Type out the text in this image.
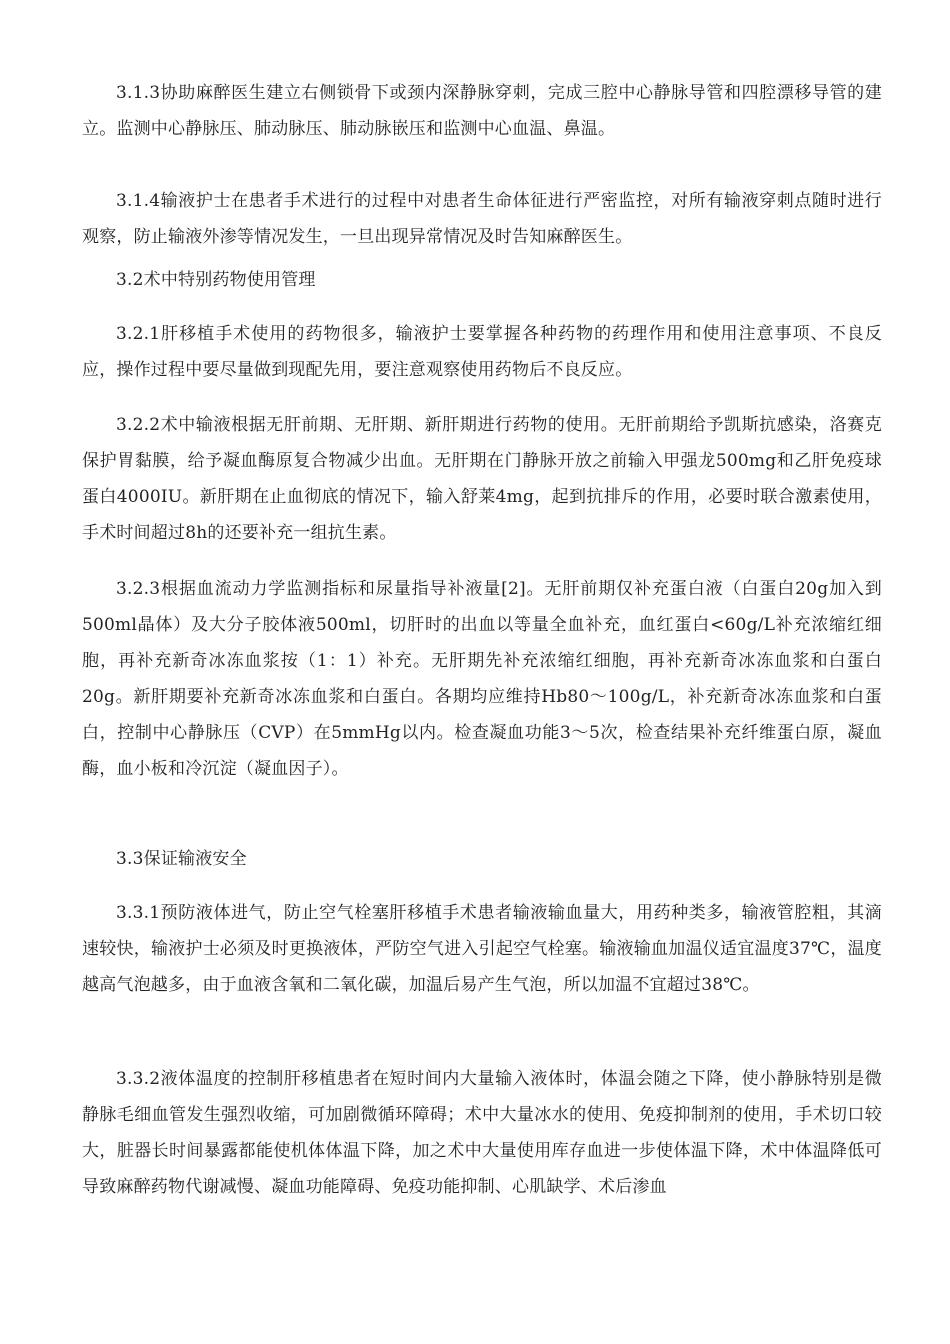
3.1.3协助麻醉医生建立右侧锁骨下或颈内深静脉穿刺，完成三腔中心静脉导管和四腔漂移导管的建立。监测中心静脉压、肺动脉压、肺动脉嵌压和监测中心血温、鼻温。

3.1.4输液护士在患者手术进行的过程中对患者生命体征进行严密监控，对所有输液穿刺点随时进行观察，防止输液外渗等情况发生，一旦出现异常情况及时告知麻醉医生。

3.2术中特别药物使用管理

3.2.1肝移植手术使用的药物很多，输液护士要掌握各种药物的药理作用和使用注意事项、不良反应，操作过程中要尽量做到现配先用，要注意观察使用药物后不良反应。

3.2.2术中输液根据无肝前期、无肝期、新肝期进行药物的使用。无肝前期给予凯斯抗感染，洛赛克保护胃黏膜，给予凝血酶原复合物减少出血。无肝期在门静脉开放之前输入甲强龙500mg和乙肝免疫球蛋白4000IU。新肝期在止血彻底的情况下，输入舒莱4mg，起到抗排斥的作用，必要时联合激素使用，手术时间超过8h的还要补充一组抗生素。

3.2.3根据血流动力学监测指标和尿量指导补液量[2]。无肝前期仅补充蛋白液（白蛋白20g加入到500ml晶体）及大分子胶体液500ml，切肝时的出血以等量全血补充，血红蛋白<60g/L补充浓缩红细胞，再补充新奇冰冻血浆按（1：1）补充。无肝期先补充浓缩红细胞，再补充新奇冰冻血浆和白蛋白20g。新肝期要补充新奇冰冻血浆和白蛋白。各期均应维持Hb80～100g/L，补充新奇冰冻血浆和白蛋白，控制中心静脉压（CVP）在5mmHg以内。检查凝血功能3～5次，检查结果补充纤维蛋白原，凝血酶，血小板和冷沉淀（凝血因子）。

3.3保证输液安全

3.3.1预防液体进气，防止空气栓塞肝移植手术患者输液输血量大，用药种类多，输液管腔粗，其滴速较快，输液护士必须及时更换液体，严防空气进入引起空气栓塞。输液输血加温仪适宜温度37℃，温度越高气泡越多，由于血液含氧和二氧化碳，加温后易产生气泡，所以加温不宜超过38℃。

3.3.2液体温度的控制肝移植患者在短时间内大量输入液体时，体温会随之下降，使小静脉特别是微静脉毛细血管发生强烈收缩，可加剧微循环障碍；术中大量冰水的使用、免疫抑制剂的使用，手术切口较大，脏器长时间暴露都能使机体体温下降，加之术中大量使用库存血进一步使体温下降，术中体温降低可导致麻醉药物代谢减慢、凝血功能障碍、免疫功能抑制、心肌缺学、术后渗血
